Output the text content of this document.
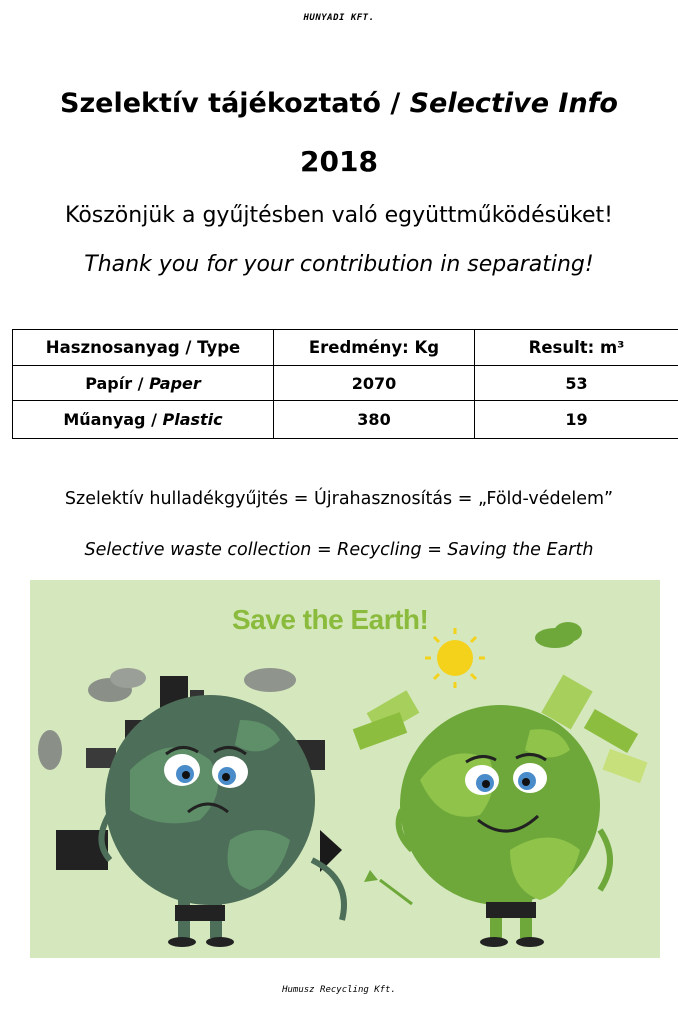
HUNYADI KFT.
Szelektív tájékoztató / Selective Info
2018
Köszönjük a gyűjtésben való együttműködésüket!
Thank you for your contribution in separating!
Hasznosanyag / Type	Eredmény: Kg	Result: m³
Papír / Paper	2070	53
Műanyag / Plastic	380	19
Szelektív hulladékgyűjtés = Újrahasznosítás = „Föld-védelem”
Selective waste collection = Recycling = Saving the Earth
Save the Earth!
Humusz Recycling Kft.
